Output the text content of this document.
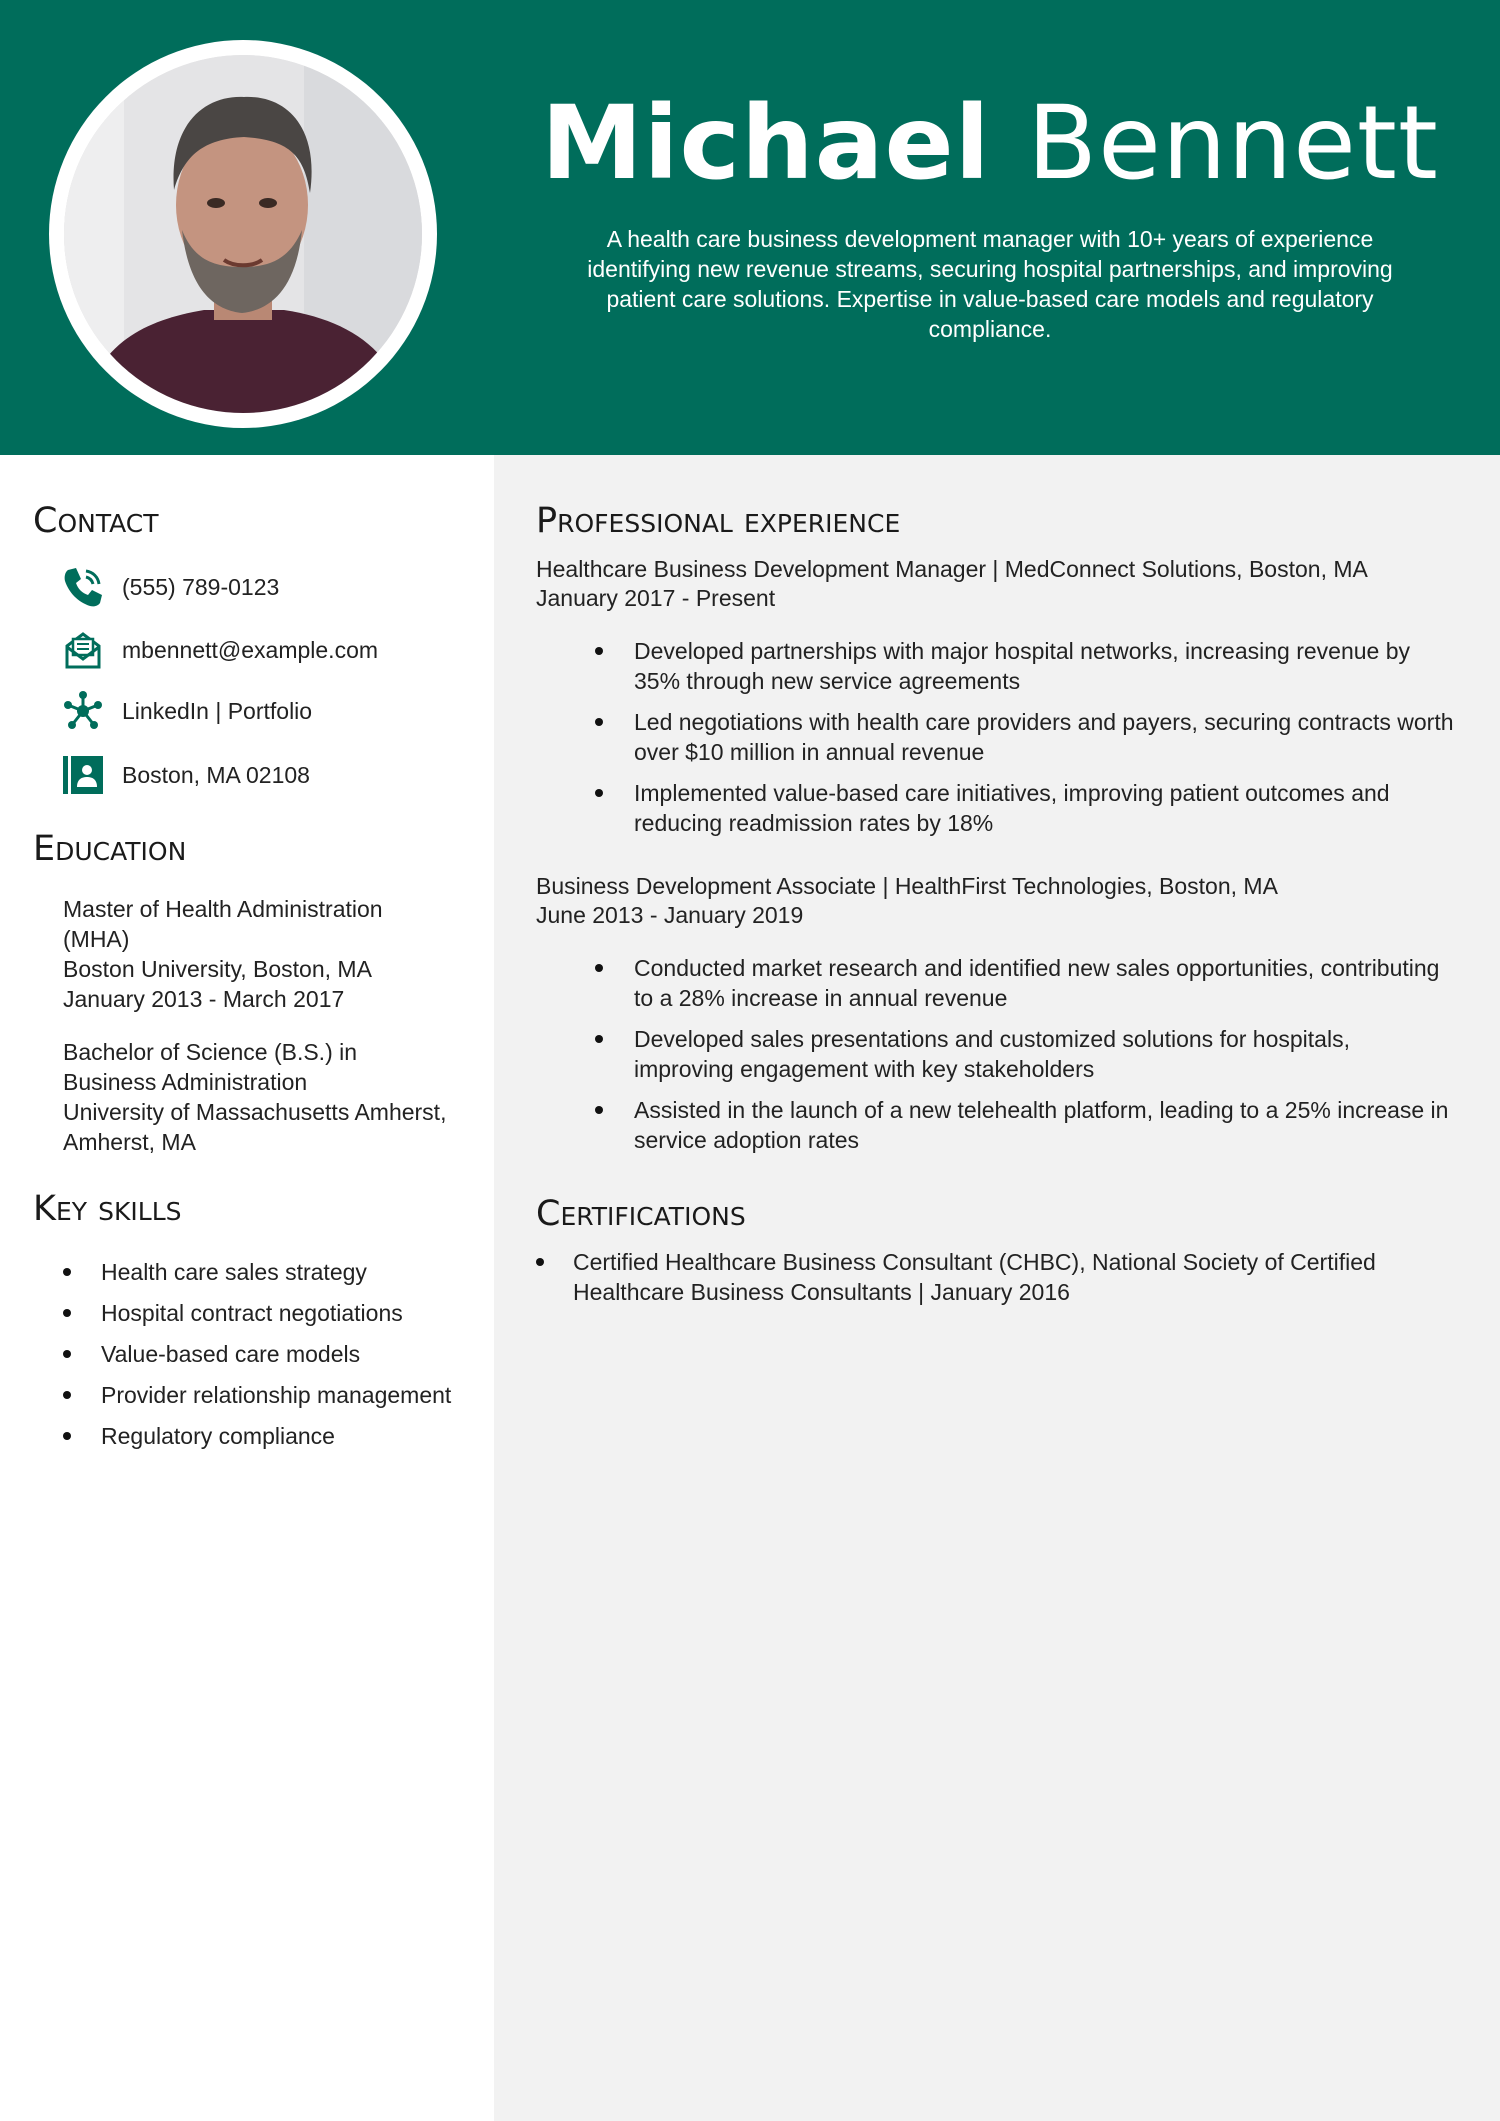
Michael Bennett

A health care business development manager with 10+ years of experience identifying new revenue streams, securing hospital partnerships, and improving patient care solutions. Expertise in value-based care models and regulatory compliance.

Contact
(555) 789-0123
mbennett@example.com
LinkedIn | Portfolio
Boston, MA 02108
Education
Master of Health Administration
(MHA)
Boston University, Boston, MA
January 2013 - March 2017
Bachelor of Science (B.S.) in
Business Administration
University of Massachusetts Amherst,
Amherst, MA
Key skills
Health care sales strategy
Hospital contract negotiations
Value-based care models
Provider relationship management
Regulatory compliance
Professional experience
Healthcare Business Development Manager | MedConnect Solutions, Boston, MA
January 2017 - Present
Developed partnerships with major hospital networks, increasing revenue by 35% through new service agreements
Led negotiations with health care providers and payers, securing contracts worth over $10 million in annual revenue
Implemented value-based care initiatives, improving patient outcomes and reducing readmission rates by 18%
Business Development Associate | HealthFirst Technologies, Boston, MA
June 2013 - January 2019
Conducted market research and identified new sales opportunities, contributing to a 28% increase in annual revenue
Developed sales presentations and customized solutions for hospitals, improving engagement with key stakeholders
Assisted in the launch of a new telehealth platform, leading to a 25% increase in service adoption rates
Certifications
Certified Healthcare Business Consultant (CHBC), National Society of Certified Healthcare Business Consultants | January 2016
